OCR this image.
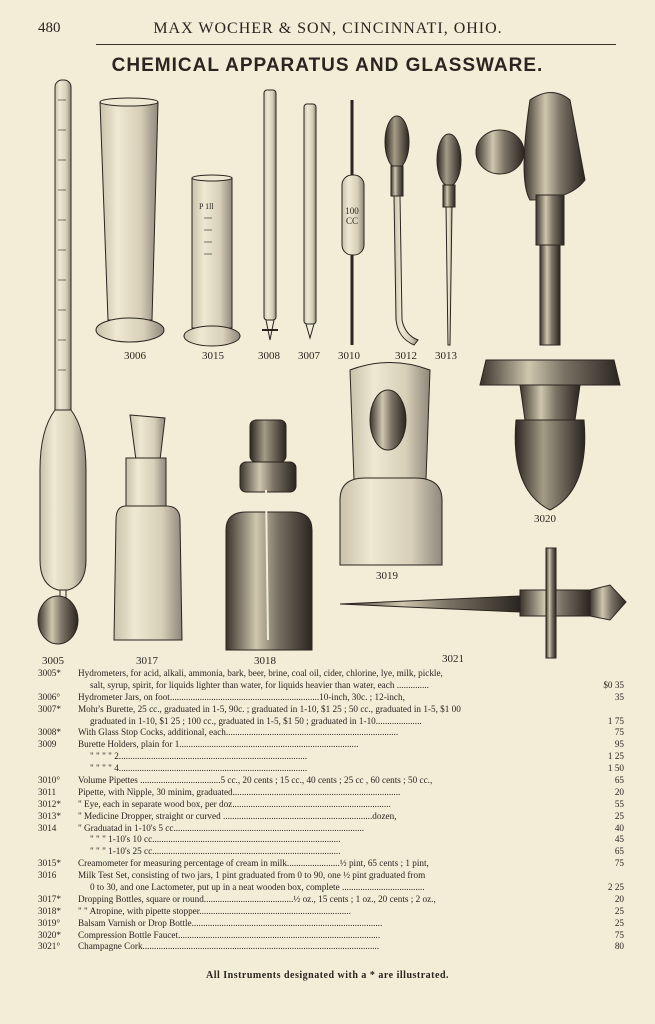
480	MAX WOCHER & SON, CINCINNATI, OHIO.
CHEMICAL APPARATUS AND GLASSWARE.
3006	3015	3008 3007 3010	3012 3013
3020
3019
3021
3005	3017	3018
P 1ll	100 CC
3005*	Hydrometers, for acid, alkali, ammonia, bark, beer, brine, coal oil, cider, chlorine, lye, milk, pickle,
salt, syrup, spirit, for liquids lighter than water, for liquids heavier than water, each ..............	$0 35
3006°	Hydrometer Jars, on foot.................................................................10-inch, 30c. ; 12-inch,	35
3007*	Mohr's Burette, 25 cc., graduated in 1-5, 90c. ; graduated in 1-10, $1 25 ; 50 cc., graduated in 1-5, $1 00
graduated in 1-10, $1 25 ; 100 cc., graduated in 1-5, $1 50 ; graduated in 1-10....................	1 75
3008*	With Glass Stop Cocks, additional, each...........................................................................	75
3009	Burette Holders, plain for 1..............................................................................	95
" " " " 2..................................................................................	1 25
" " " " 4..................................................................................	1 50
3010°	Volume Pipettes ...................................5 cc., 20 cents ; 15 cc., 40 cents ; 25 cc , 60 cents ; 50 cc.,	65
3011	Pipette, with Nipple, 30 minim, graduated.........................................................................	20
3012*	" Eye, each in separate wood box, per doz.....................................................................	55
3013*	" Medicine Dropper, straight or curved .................................................................dozen,	25
3014	" Graduatad in 1-10's 5 cc...................................................................................	40
" " " 1-10's 10 cc..................................................................................	45
" " " 1-10's 25 cc..................................................................................	65
3015*	Creamometer for measuring percentage of cream in milk.......................½ pint, 65 cents ; 1 pint,	75
3016	Milk Test Set, consisting of two jars, 1 pint graduated from 0 to 90, one ½ pint graduated from
0 to 30, and one Lactometer, put up in a neat wooden box, complete ....................................	2 25
3017*	Dropping Bottles, square or round.......................................½ oz., 15 cents ; 1 oz., 20 cents ; 2 oz.,	20
3018*	" " Atropine, with pipette stopper..................................................................	25
3019°	Balsam Varnish or Drop Bottle...................................................................................	25
3020*	Compression Bottle Faucet........................................................................................	75
3021°	Champagne Cork.......................................................................................................	80
All Instruments designated with a * are illustrated.
